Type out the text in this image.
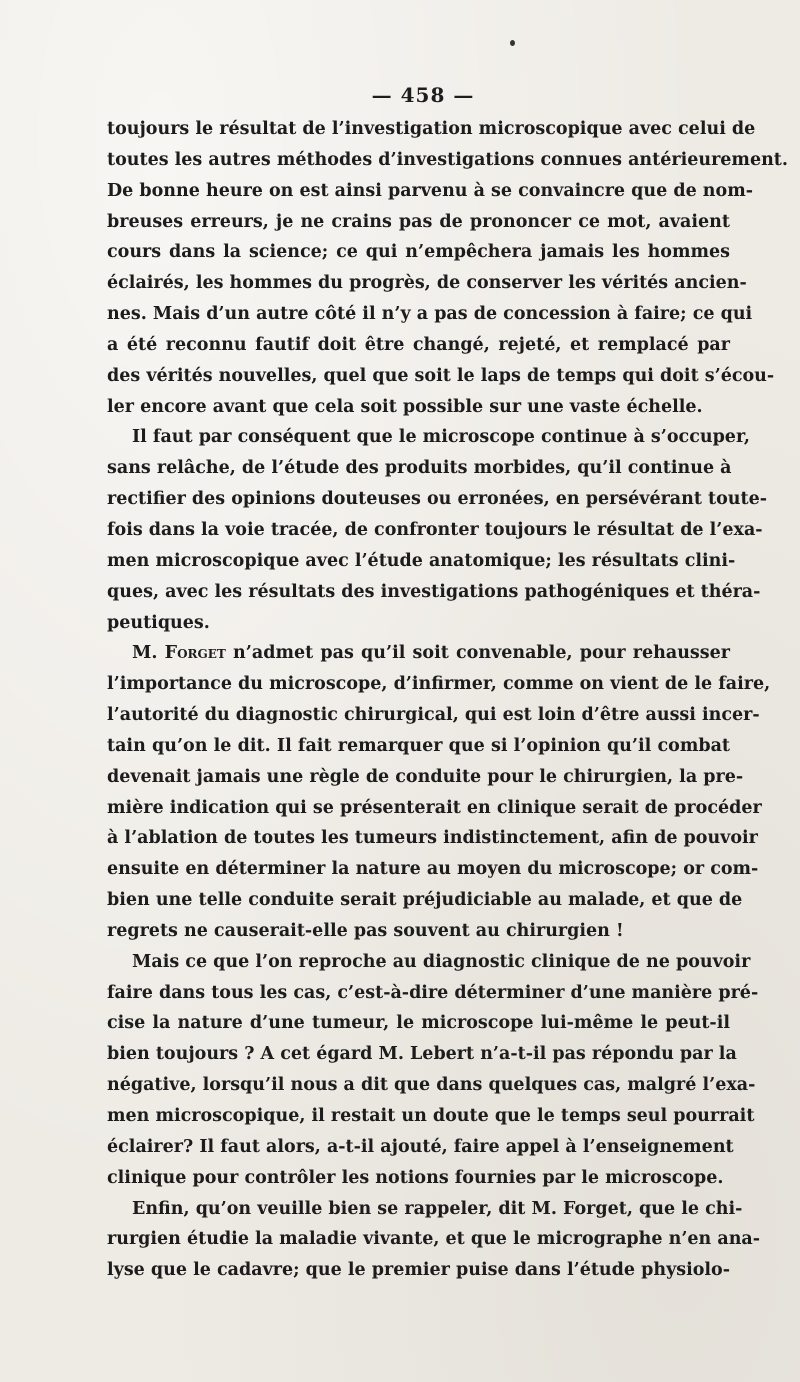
— 458 —
toujours le résultat de l’investigation microscopique avec celui de
toutes les autres méthodes d’investigations connues antérieurement.
De bonne heure on est ainsi parvenu à se convaincre que de nom-
breuses erreurs, je ne crains pas de prononcer ce mot, avaient
cours dans la science; ce qui n’empêchera jamais les hommes
éclairés, les hommes du progrès, de conserver les vérités ancien-
nes. Mais d’un autre côté il n’y a pas de concession à faire; ce qui
a été reconnu fautif doit être changé, rejeté, et remplacé par
des vérités nouvelles, quel que soit le laps de temps qui doit s’écou-
ler encore avant que cela soit possible sur une vaste échelle.
Il faut par conséquent que le microscope continue à s’occuper,
sans relâche, de l’étude des produits morbides, qu’il continue à
rectifier des opinions douteuses ou erronées, en persévérant toute-
fois dans la voie tracée, de confronter toujours le résultat de l’exa-
men microscopique avec l’étude anatomique; les résultats clini-
ques, avec les résultats des investigations pathogéniques et théra-
peutiques.
M. Forget n’admet pas qu’il soit convenable, pour rehausser
l’importance du microscope, d’infirmer, comme on vient de le faire,
l’autorité du diagnostic chirurgical, qui est loin d’être aussi incer-
tain qu’on le dit. Il fait remarquer que si l’opinion qu’il combat
devenait jamais une règle de conduite pour le chirurgien, la pre-
mière indication qui se présenterait en clinique serait de procéder
à l’ablation de toutes les tumeurs indistinctement, afin de pouvoir
ensuite en déterminer la nature au moyen du microscope; or com-
bien une telle conduite serait préjudiciable au malade, et que de
regrets ne causerait-elle pas souvent au chirurgien !
Mais ce que l’on reproche au diagnostic clinique de ne pouvoir
faire dans tous les cas, c’est-à-dire déterminer d’une manière pré-
cise la nature d’une tumeur, le microscope lui-même le peut-il
bien toujours ? A cet égard M. Lebert n’a-t-il pas répondu par la
négative, lorsqu’il nous a dit que dans quelques cas, malgré l’exa-
men microscopique, il restait un doute que le temps seul pourrait
éclairer? Il faut alors, a-t-il ajouté, faire appel à l’enseignement
clinique pour contrôler les notions fournies par le microscope.
Enfin, qu’on veuille bien se rappeler, dit M. Forget, que le chi-
rurgien étudie la maladie vivante, et que le micrographe n’en ana-
lyse que le cadavre; que le premier puise dans l’étude physiolo-
